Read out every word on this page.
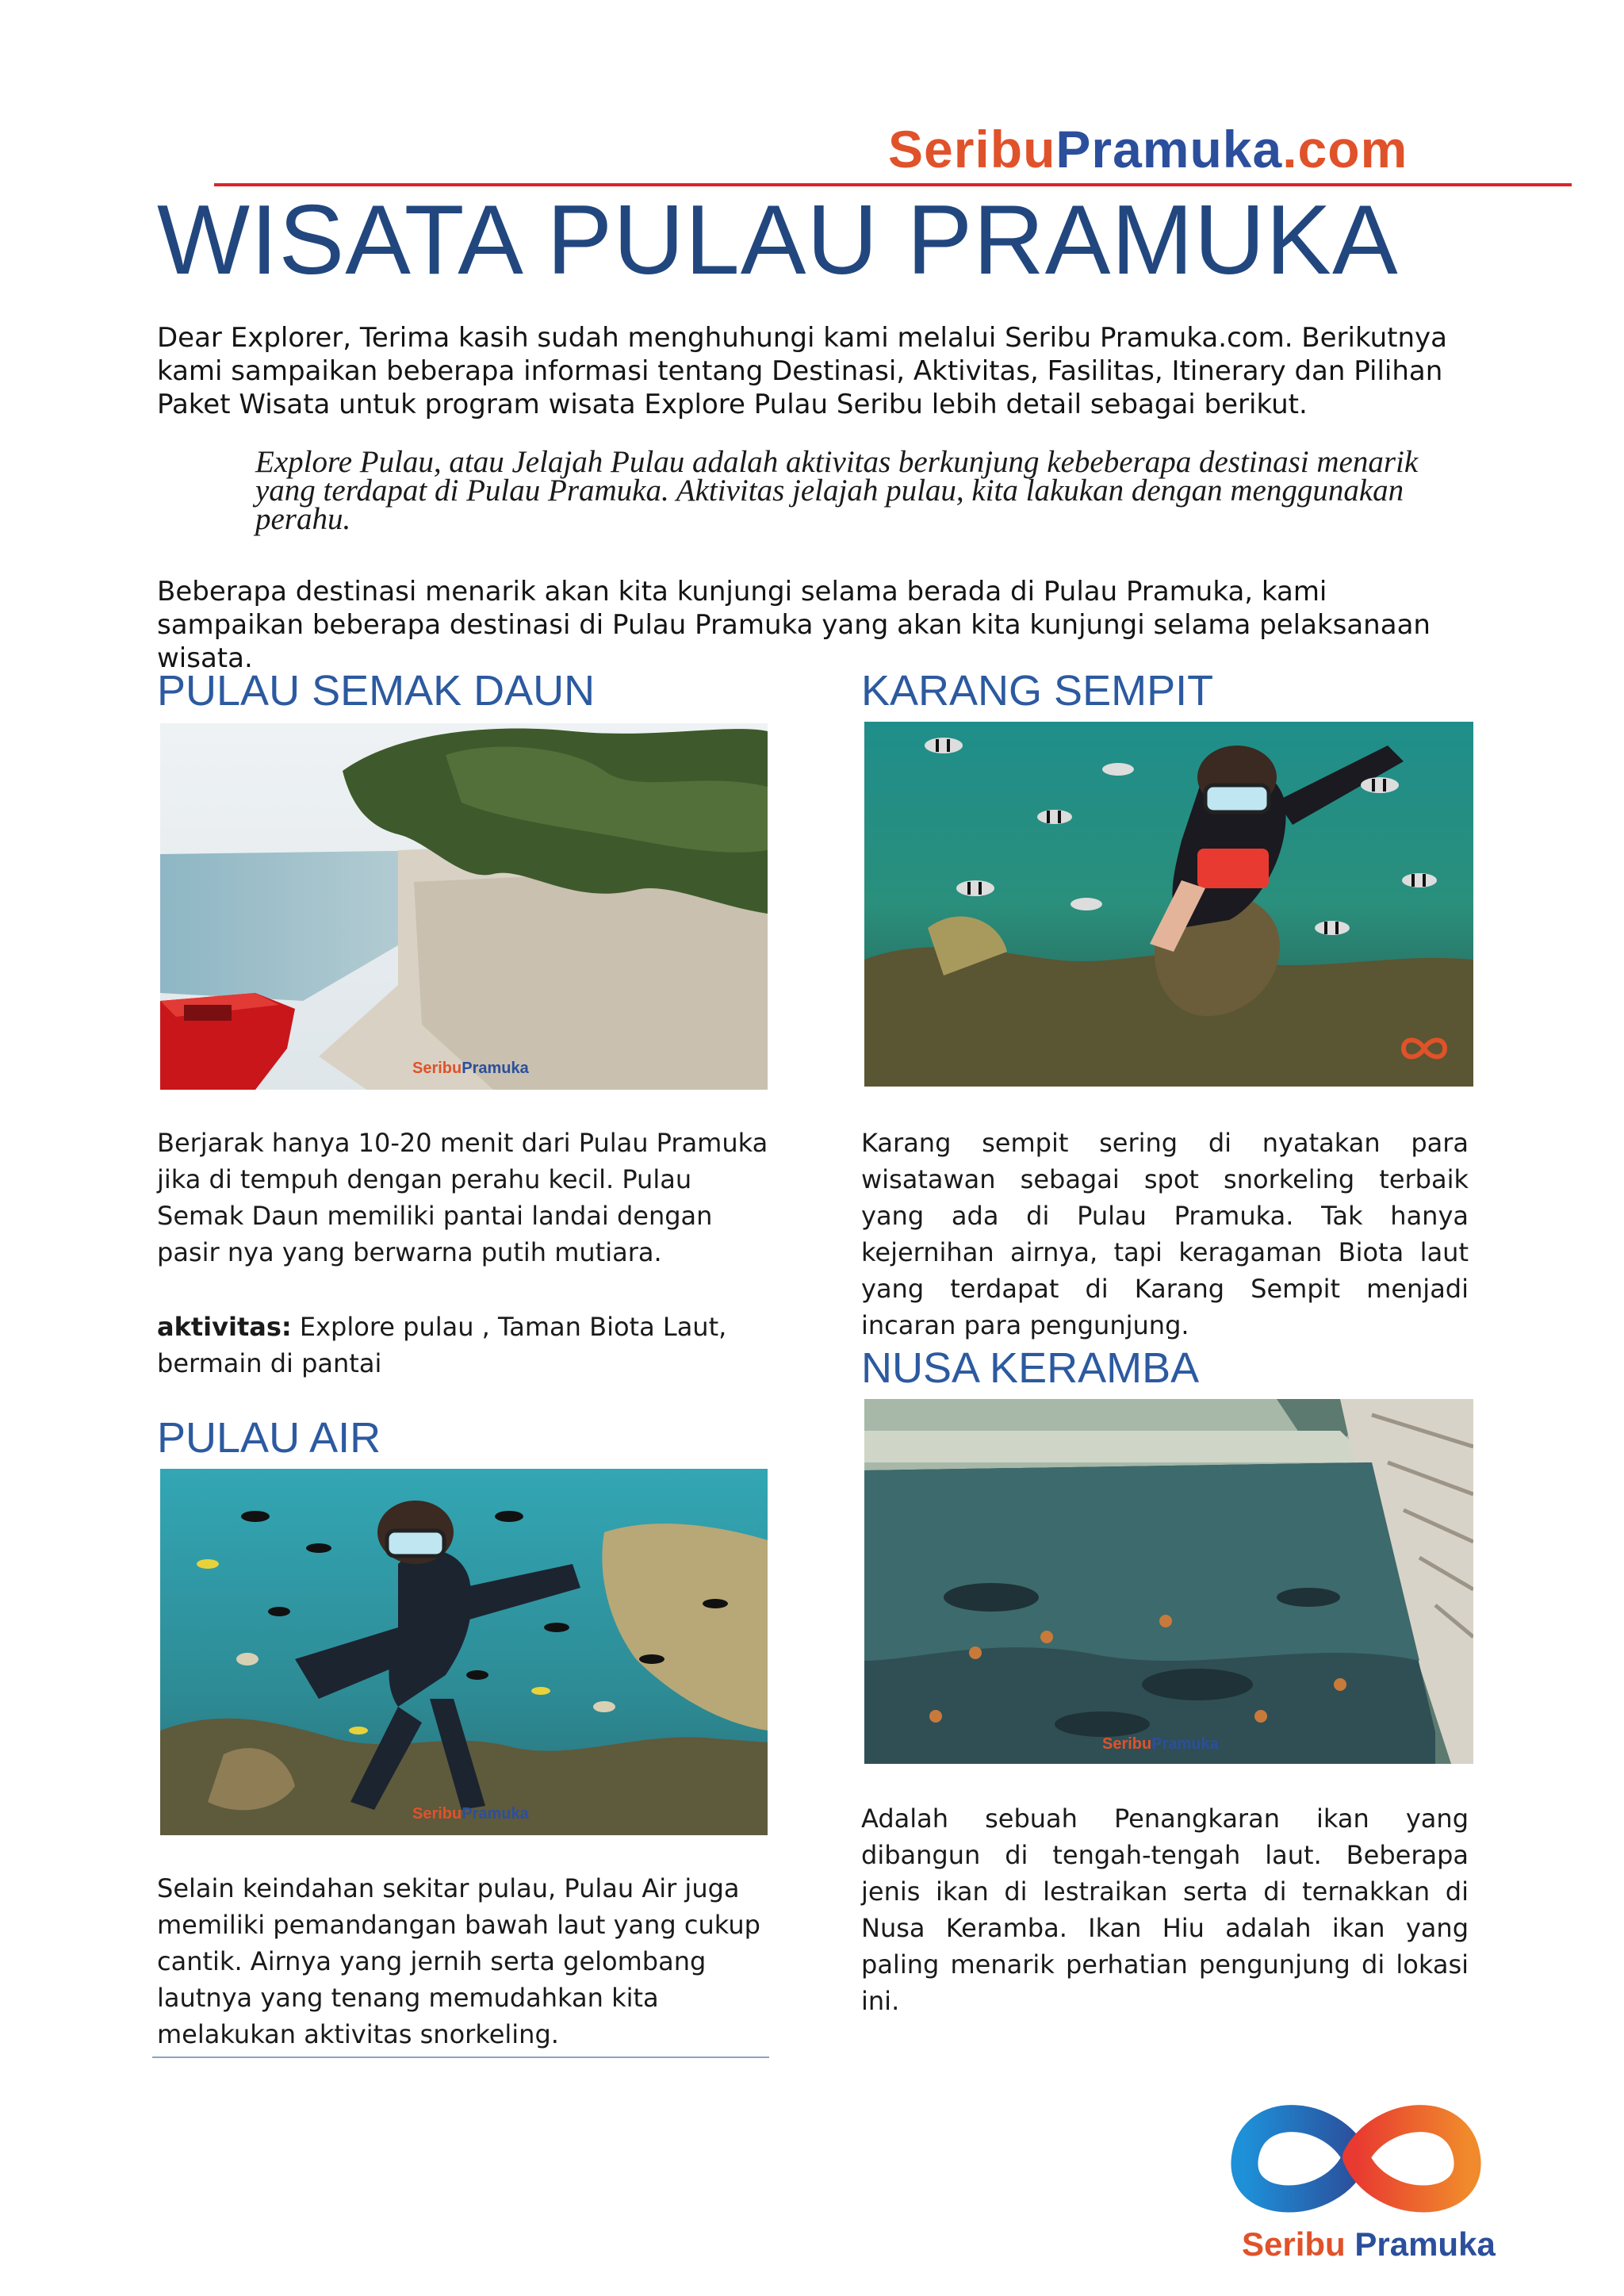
SeribuPramuka.com
WISATA PULAU PRAMUKA
Dear Explorer, Terima kasih sudah menghuhungi kami melalui Seribu Pramuka.com. Berikutnya kami sampaikan beberapa informasi tentang Destinasi, Aktivitas, Fasilitas, Itinerary dan Pilihan Paket Wisata untuk program wisata Explore Pulau Seribu lebih detail sebagai berikut.
Explore Pulau, atau Jelajah Pulau adalah aktivitas berkunjung kebeberapa destinasi menarik yang terdapat di Pulau Pramuka. Aktivitas jelajah pulau, kita lakukan dengan menggunakan perahu.
Beberapa destinasi menarik akan kita kunjungi selama berada di Pulau Pramuka, kami sampaikan beberapa destinasi di Pulau Pramuka yang akan kita kunjungi selama pelaksanaan wisata.
PULAU SEMAK DAUN
SeribuPramuka
Berjarak hanya 10-20 menit dari Pulau Pramuka jika di tempuh dengan perahu kecil. Pulau Semak Daun memiliki pantai landai dengan pasir nya yang berwarna putih mutiara.
aktivitas: Explore pulau , Taman Biota Laut, bermain di pantai
PULAU AIR
SeribuPramuka
Selain keindahan sekitar pulau, Pulau Air juga memiliki pemandangan bawah laut yang cukup cantik. Airnya yang jernih serta gelombang lautnya yang tenang memudahkan kita melakukan aktivitas snorkeling.
KARANG SEMPIT
Karang sempit sering di nyatakan para wisatawan sebagai spot snorkeling terbaik yang ada di Pulau Pramuka. Tak hanya kejernihan airnya, tapi keragaman Biota laut yang terdapat di Karang Sempit menjadi incaran para pengunjung.
NUSA KERAMBA
SeribuPramuka
Adalah sebuah Penangkaran ikan yang dibangun di tengah-tengah laut. Beberapa jenis ikan di lestraikan serta di ternakkan di Nusa Keramba. Ikan Hiu adalah ikan yang paling menarik perhatian pengunjung di lokasi ini.
Seribu Pramuka
